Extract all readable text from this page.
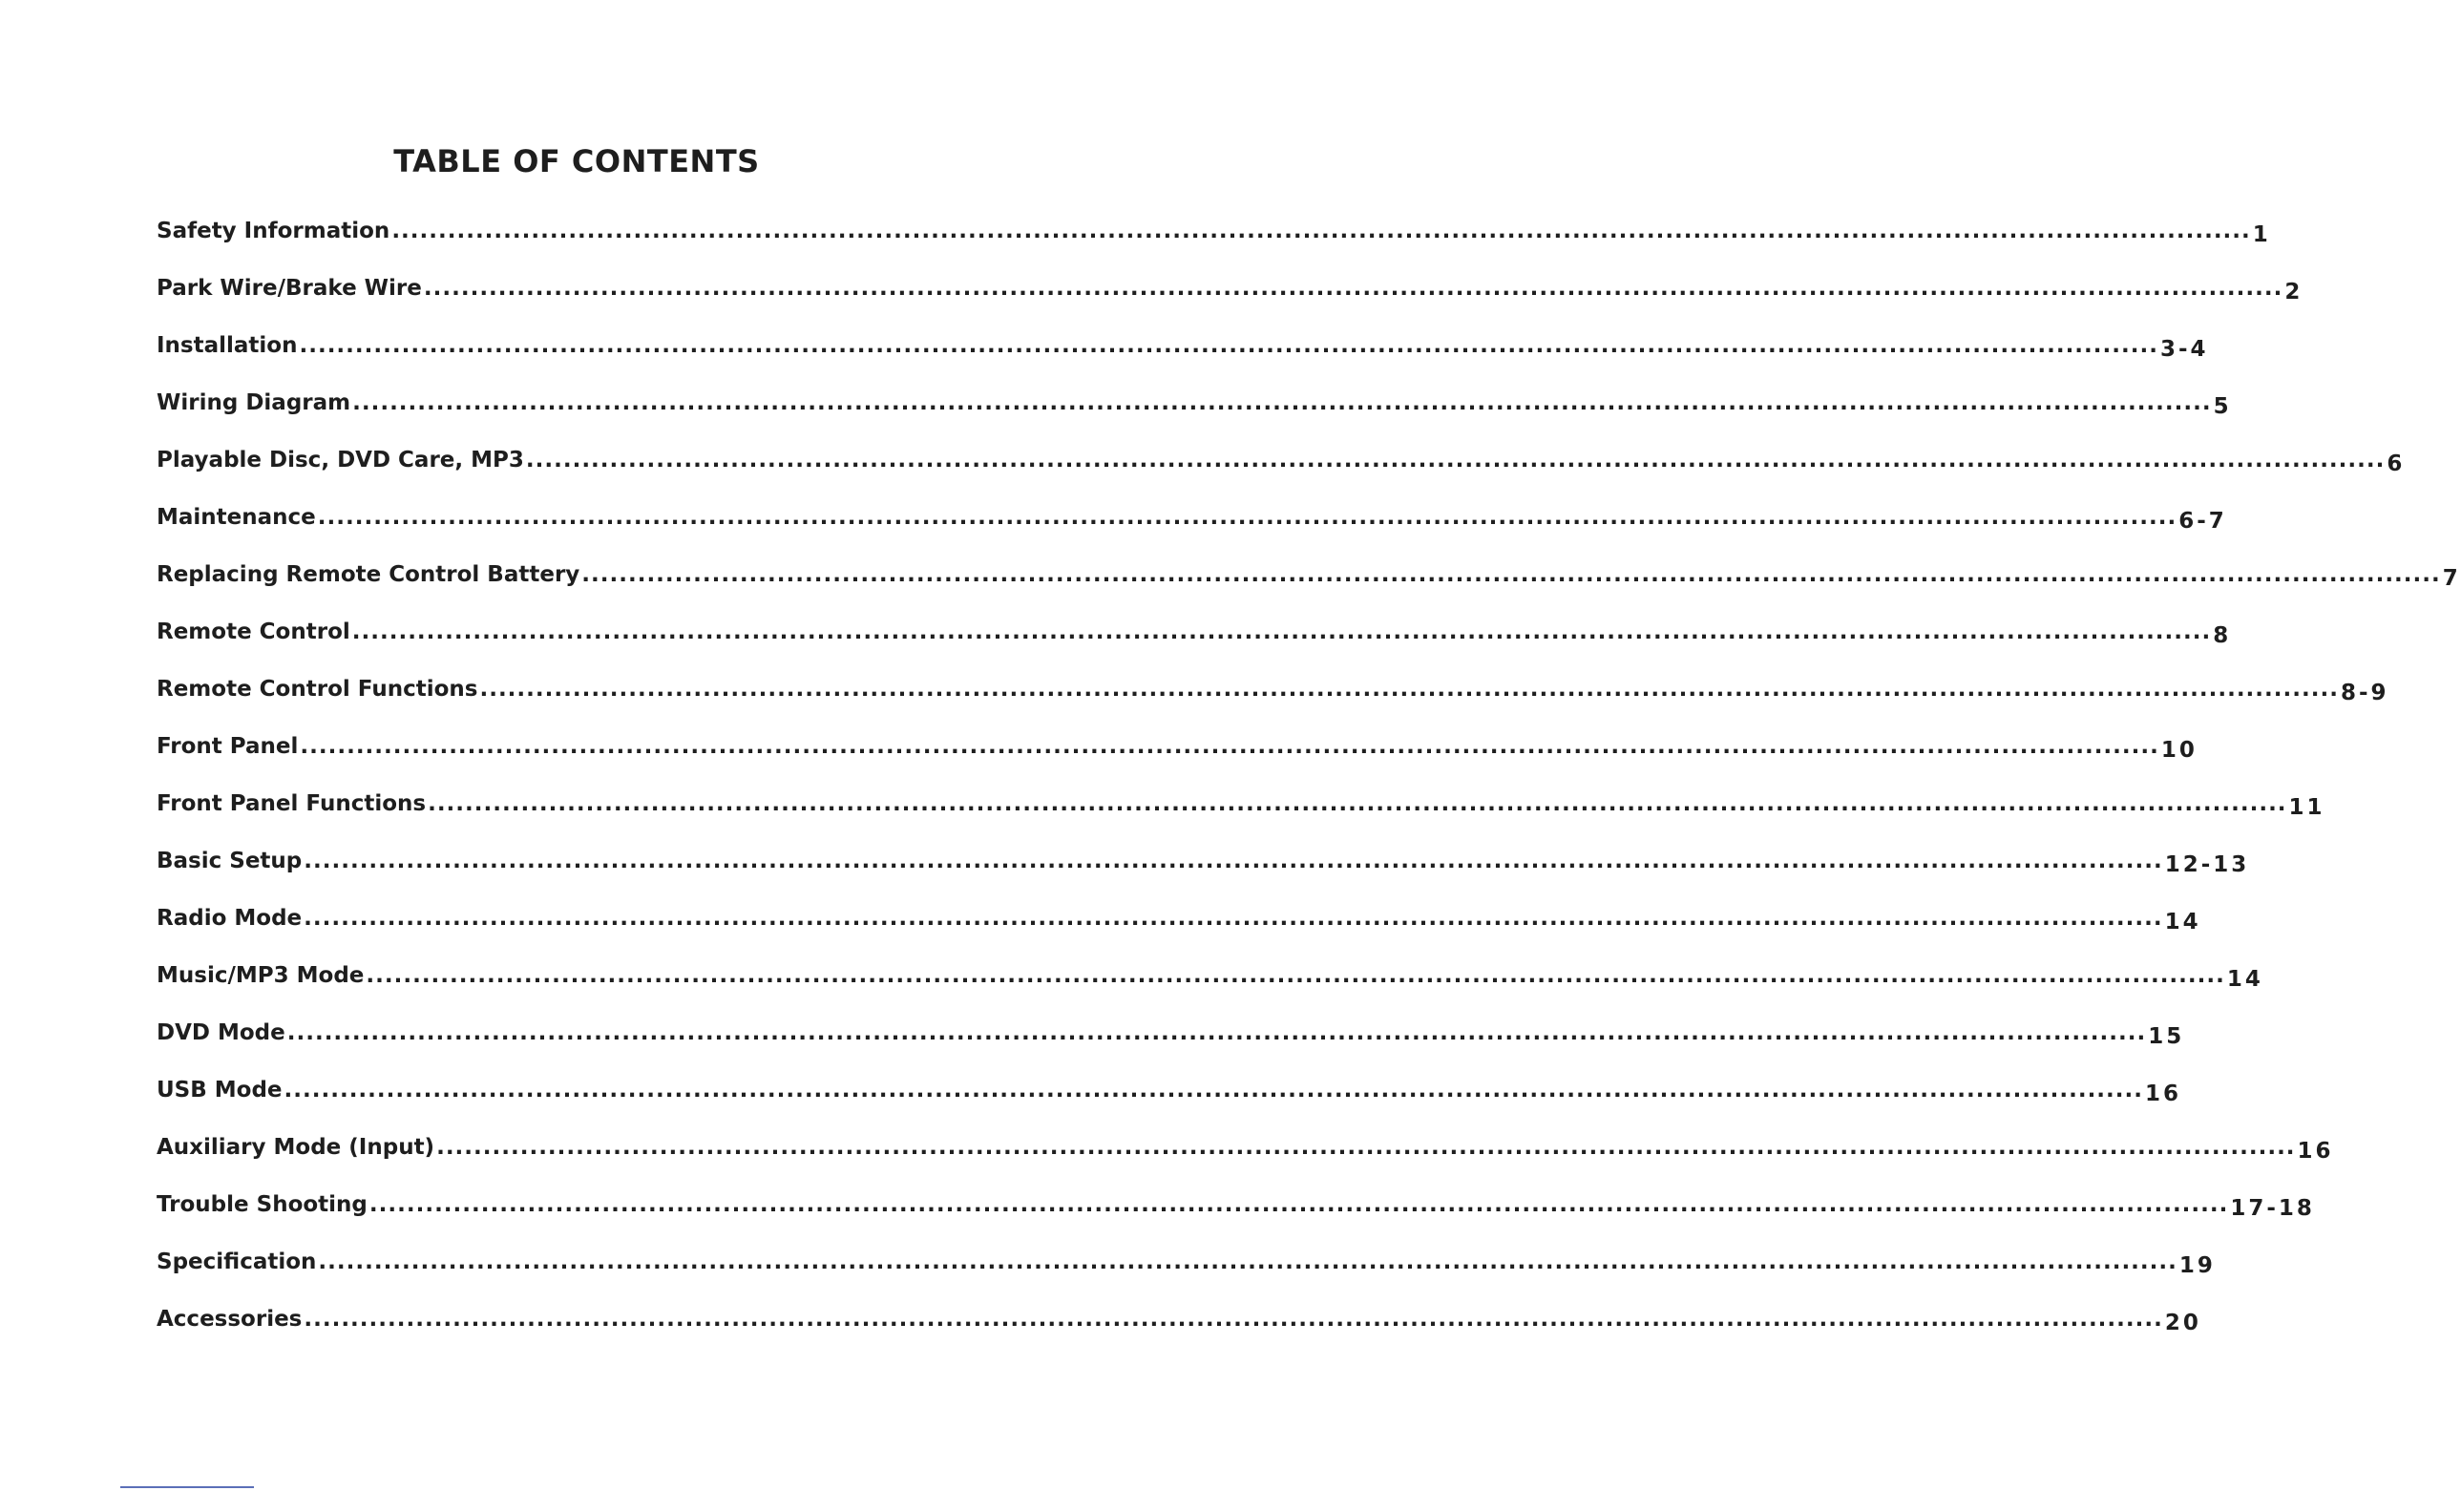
TABLE OF CONTENTS
Safety Information .....	1
Park Wire/Brake Wire .....	2
Installation .....	3-4
Wiring Diagram .....	5
Playable Disc, DVD Care, MP3 .....	6
Maintenance .....	6-7
Replacing Remote Control Battery .....	7
Remote Control .....	8
Remote Control Functions .....	8-9
Front Panel .....	10
Front Panel Functions .....	11
Basic Setup .....	12-13
Radio Mode .....	14
Music/MP3 Mode .....	14
DVD Mode .....	15
USB Mode .....	16
Auxiliary Mode (Input) .....	16
Trouble Shooting .....	17-18
Specification .....	19
Accessories .....	20
